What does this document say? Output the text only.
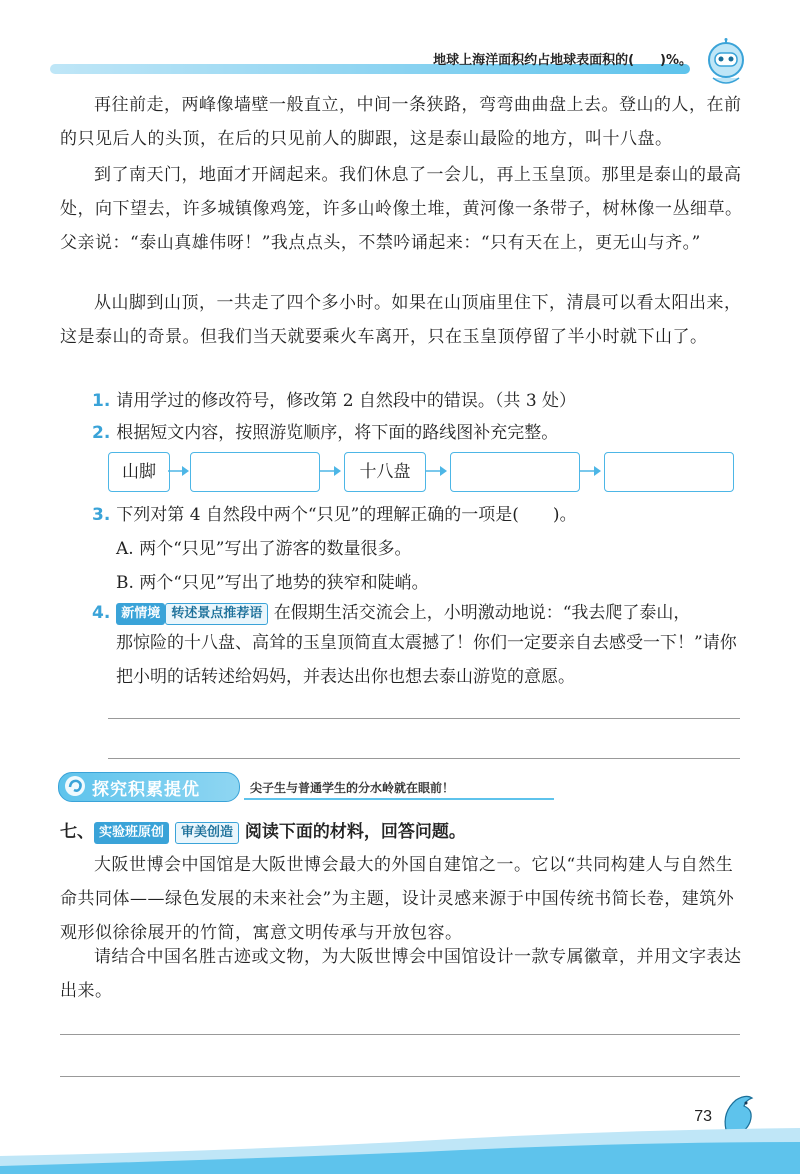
地球上海洋面积约占地球表面积的(　　)%。
再往前走，两峰像墙壁一般直立，中间一条狭路，弯弯曲曲盘上去。登山的人，在前的只见后人的头顶，在后的只见前人的脚跟，这是泰山最险的地方，叫十八盘。
到了南天门，地面才开阔起来。我们休息了一会儿，再上玉皇顶。那里是泰山的最高处，向下望去，许多城镇像鸡笼，许多山岭像土堆，黄河像一条带子，树林像一丛细草。父亲说：“泰山真雄伟呀！”我点点头，不禁吟诵起来：“只有天在上，更无山与齐。”
从山脚到山顶，一共走了四个多小时。如果在山顶庙里住下，清晨可以看太阳出来，这是泰山的奇景。但我们当天就要乘火车离开，只在玉皇顶停留了半小时就下山了。
1. 请用学过的修改符号，修改第 2 自然段中的错误。（共 3 处）
2. 根据短文内容，按照游览顺序，将下面的路线图补充完整。
山脚	十八盘
3. 下列对第 4 自然段中两个“只见”的理解正确的一项是(　　)。
A. 两个“只见”写出了游客的数量很多。
B. 两个“只见”写出了地势的狭窄和陡峭。
4. 新情境 转述景点推荐语 在假期生活交流会上，小明激动地说：“我去爬了泰山，
那惊险的十八盘、高耸的玉皇顶简直太震撼了！你们一定要亲自去感受一下！”请你把小明的话转述给妈妈，并表达出你也想去泰山游览的意愿。
探究积累提优	尖子生与普通学生的分水岭就在眼前！
七、 实验班原创 审美创造 阅读下面的材料，回答问题。
大阪世博会中国馆是大阪世博会最大的外国自建馆之一。它以“共同构建人与自然生命共同体——绿色发展的未来社会”为主题，设计灵感来源于中国传统书简长卷，建筑外观形似徐徐展开的竹简，寓意文明传承与开放包容。
请结合中国名胜古迹或文物，为大阪世博会中国馆设计一款专属徽章，并用文字表达出来。
73
